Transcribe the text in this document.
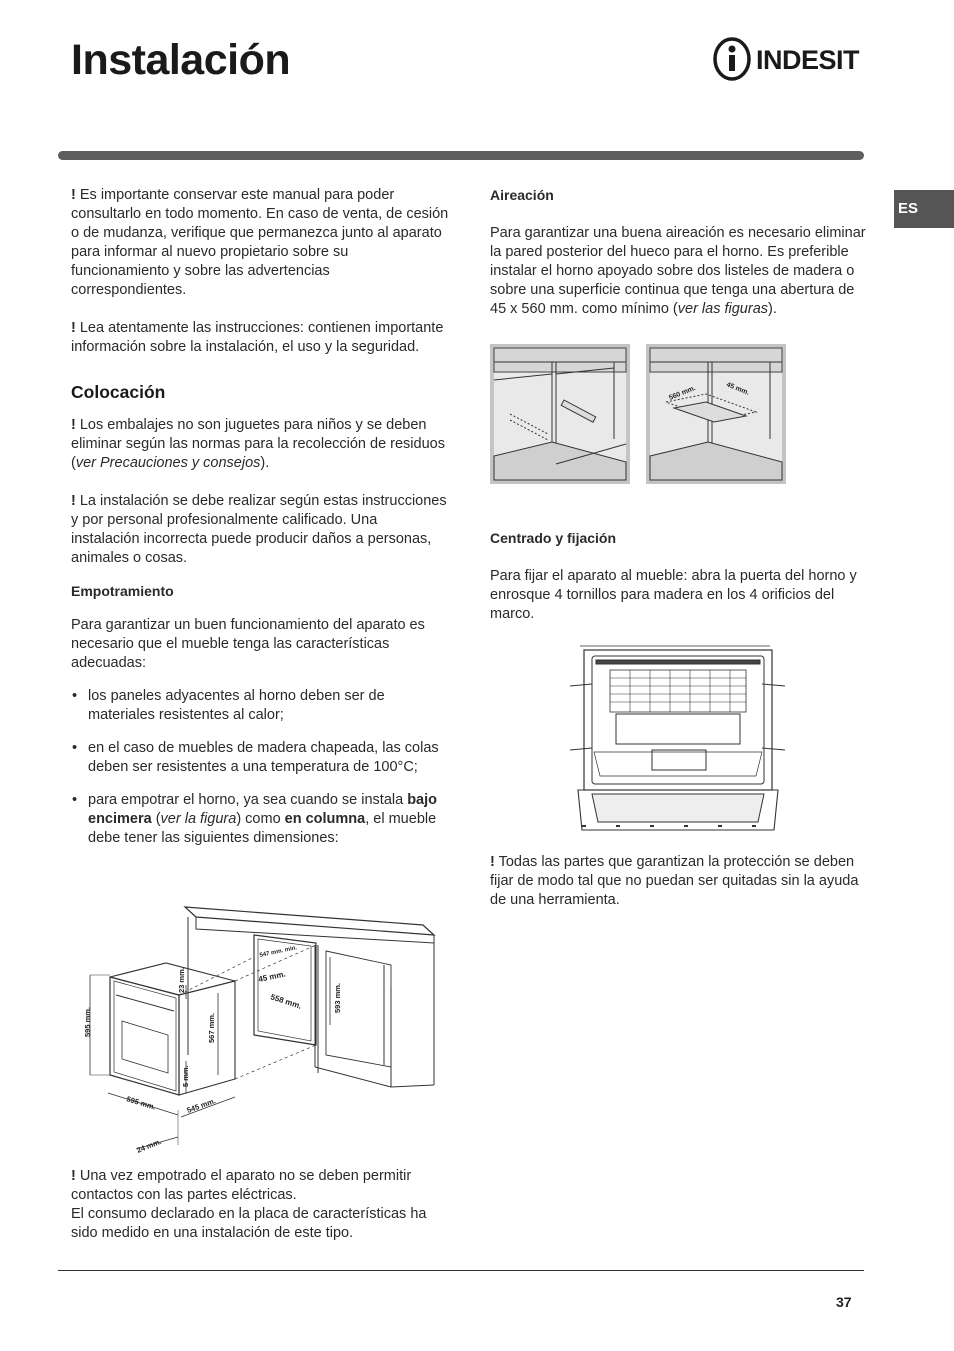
Instalación	INDESIT
ES

! Es importante conservar este manual para poder consultarlo en todo momento. En caso de venta, de cesión o de mudanza, verifique que permanezca junto al aparato para informar al nuevo propietario sobre su funcionamiento y sobre las advertencias correspondientes.

! Lea atentamente las instrucciones: contienen importante información sobre la instalación, el uso y la seguridad.

Colocación

! Los embalajes no son juguetes para niños y se deben eliminar según las normas para la recolección de residuos (ver Precauciones y consejos).

! La instalación se debe realizar según estas instrucciones y por personal profesionalmente calificado. Una instalación incorrecta puede producir daños a personas, animales o cosas.

Empotramiento

Para garantizar un buen funcionamiento del aparato es necesario que el mueble tenga las características adecuadas:

• los paneles adyacentes al horno deben ser de materiales resistentes al calor;

• en el caso de muebles de madera chapeada, las colas deben ser resistentes a una temperatura de 100°C;

• para empotrar el horno, ya sea cuando se instala bajo encimera (ver la figura) como en columna, el mueble debe tener las siguientes dimensiones:

547 mm. min.
45 mm.
558 mm.	593 mm.
23 mm.
595 mm.	567 mm.
5 mm.
595 mm.	545 mm.
24 mm.

! Una vez empotrado el aparato no se deben permitir contactos con las partes eléctricas.

El consumo declarado en la placa de características ha sido medido en una instalación de este tipo.

Aireación

Para garantizar una buena aireación es necesario eliminar la pared posterior del hueco para el horno. Es preferible instalar el horno apoyado sobre dos listeles de madera o sobre una superficie continua que tenga una abertura de 45 x 560 mm. como mínimo (ver las figuras).

560 mm.	45 mm.

Centrado y fijación

Para fijar el aparato al mueble: abra la puerta del horno y enrosque 4 tornillos para madera en los 4 orificios del marco.

! Todas las partes que garantizan la protección se deben fijar de modo tal que no puedan ser quitadas sin la ayuda de una herramienta.

37
